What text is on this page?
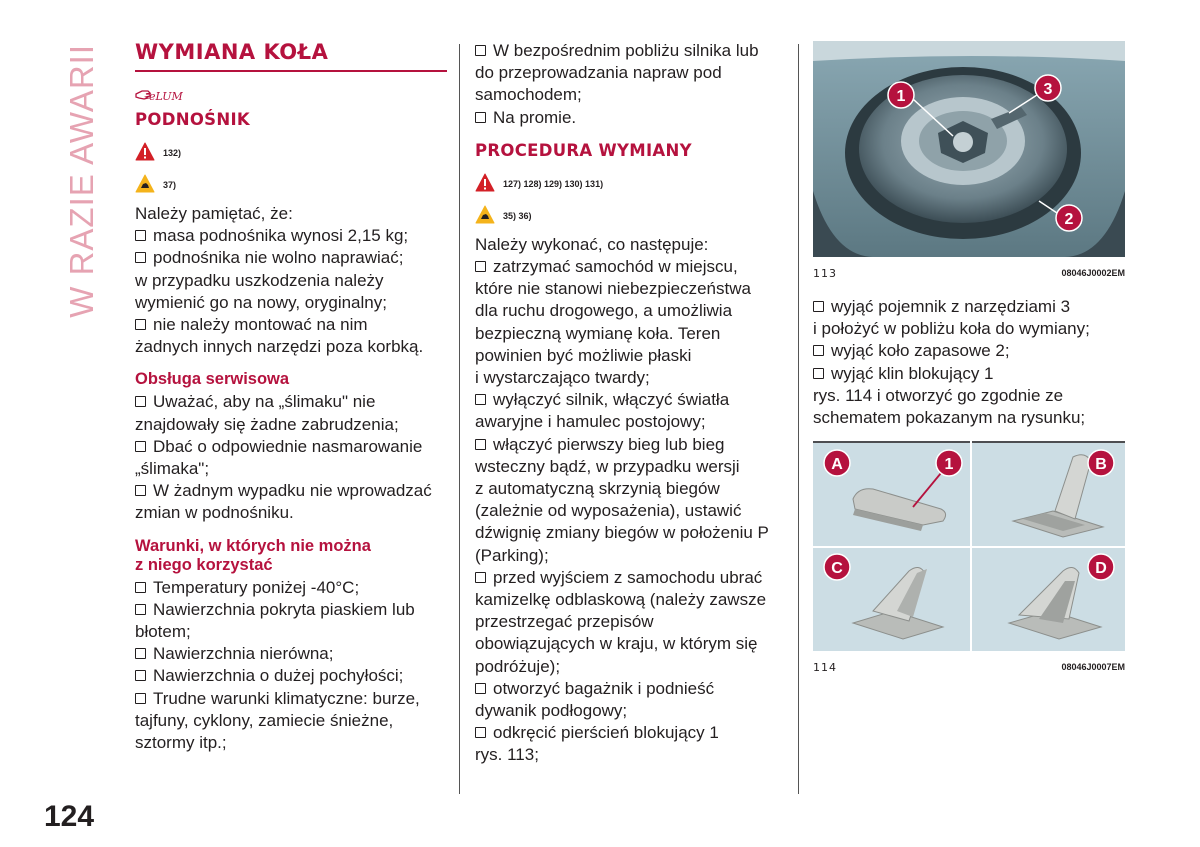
W RAZIE AWARII WYMIANA KOŁA
eLUM
PODNOŚNIK
132)
37)

Należy pamiętać, że:

masa podnośnika wynosi 2,15 kg;

podnośnika nie wolno naprawiać;

w przypadku uszkodzenia należy

wymienić go na nowy, oryginalny;

nie należy montować na nim

żadnych innych narzędzi poza korbką.

Obsługa serwisowa

Uważać, aby na „ślimaku" nie

znajdowały się żadne zabrudzenia;

Dbać o odpowiednie nasmarowanie

„ślimaka";

W żadnym wypadku nie wprowadzać

zmian w podnośniku.

Warunki, w których nie można
z niego korzystać

Temperatury poniżej -40°C;

Nawierzchnia pokryta piaskiem lub

błotem;

Nawierzchnia nierówna;

Nawierzchnia o dużej pochyłości;

Trudne warunki klimatyczne: burze,

tajfuny, cyklony, zamiecie śnieżne,

sztormy itp.;

W bezpośrednim pobliżu silnika lub

do przeprowadzania napraw pod

samochodem;

Na promie.

PROCEDURA WYMIANY
127) 128) 129) 130) 131)
35) 36)

Należy wykonać, co następuje:

zatrzymać samochód w miejscu,

które nie stanowi niebezpieczeństwa

dla ruchu drogowego, a umożliwia

bezpieczną wymianę koła. Teren

powinien być możliwie płaski

i wystarczająco twardy;

wyłączyć silnik, włączyć światła

awaryjne i hamulec postojowy;

włączyć pierwszy bieg lub bieg

wsteczny bądź, w przypadku wersji

z automatyczną skrzynią biegów

(zależnie od wyposażenia), ustawić

dźwignię zmiany biegów w położeniu P

(Parking);

przed wyjściem z samochodu ubrać

kamizelkę odblaskową (należy zawsze

przestrzegać przepisów

obowiązujących w kraju, w którym się

podróżuje);

otworzyć bagażnik i podnieść

dywanik podłogowy;

odkręcić pierścień blokujący 1

rys. 113;

1	3
2
113	08046J0002EM

wyjąć pojemnik z narzędziami 3

i położyć w pobliżu koła do wymiany;

wyjąć koło zapasowe 2;

wyjąć klin blokujący 1

rys. 114 i otworzyć go zgodnie ze

schematem pokazanym na rysunku;

A	1	B
C	D
114	08046J0007EM
124
